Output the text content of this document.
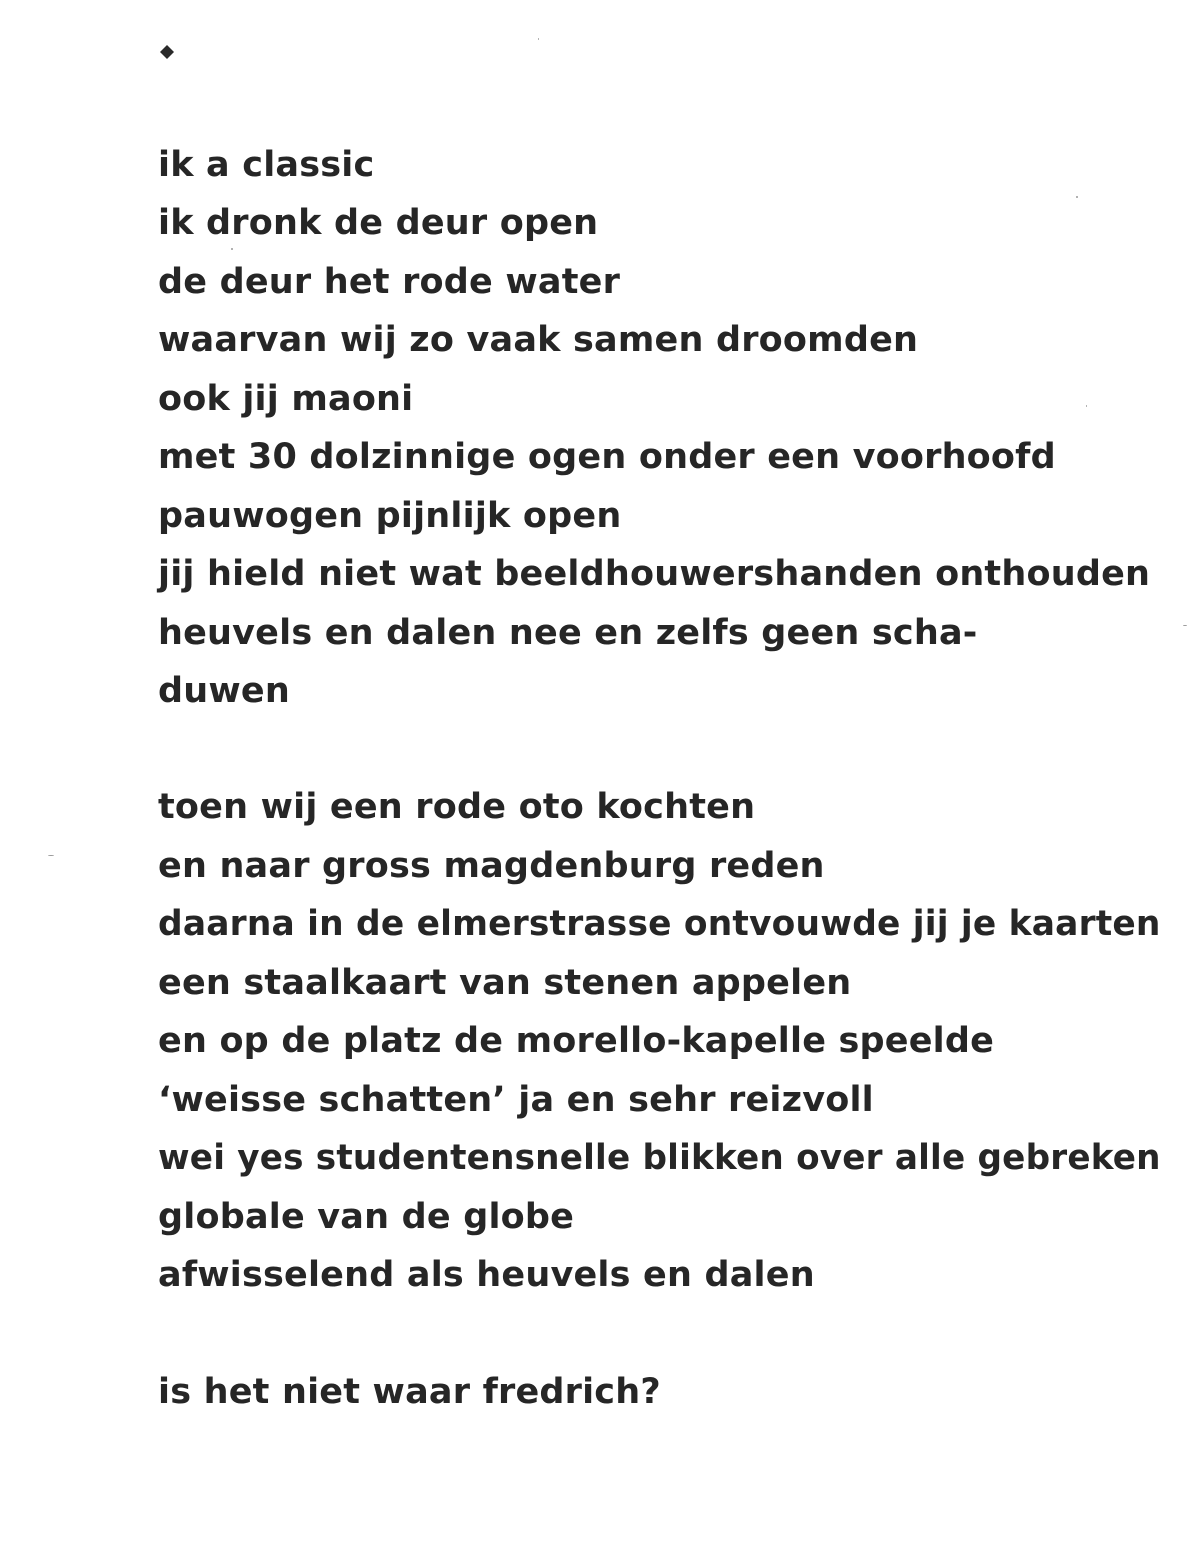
ik a classic
ik dronk de deur open
de deur het rode water
waarvan wij zo vaak samen droomden
ook jij maoni
met 30 dolzinnige ogen onder een voorhoofd
pauwogen pijnlijk open
jij hield niet wat beeldhouwershanden onthouden
heuvels en dalen nee en zelfs geen scha-
duwen
toen wij een rode oto kochten
en naar gross magdenburg reden
daarna in de elmerstrasse ontvouwde jij je kaarten
een staalkaart van stenen appelen
en op de platz de morello-kapelle speelde
‘weisse schatten’ ja en sehr reizvoll
wei yes studentensnelle blikken over alle gebreken
globale van de globe
afwisselend als heuvels en dalen
is het niet waar fredrich?
